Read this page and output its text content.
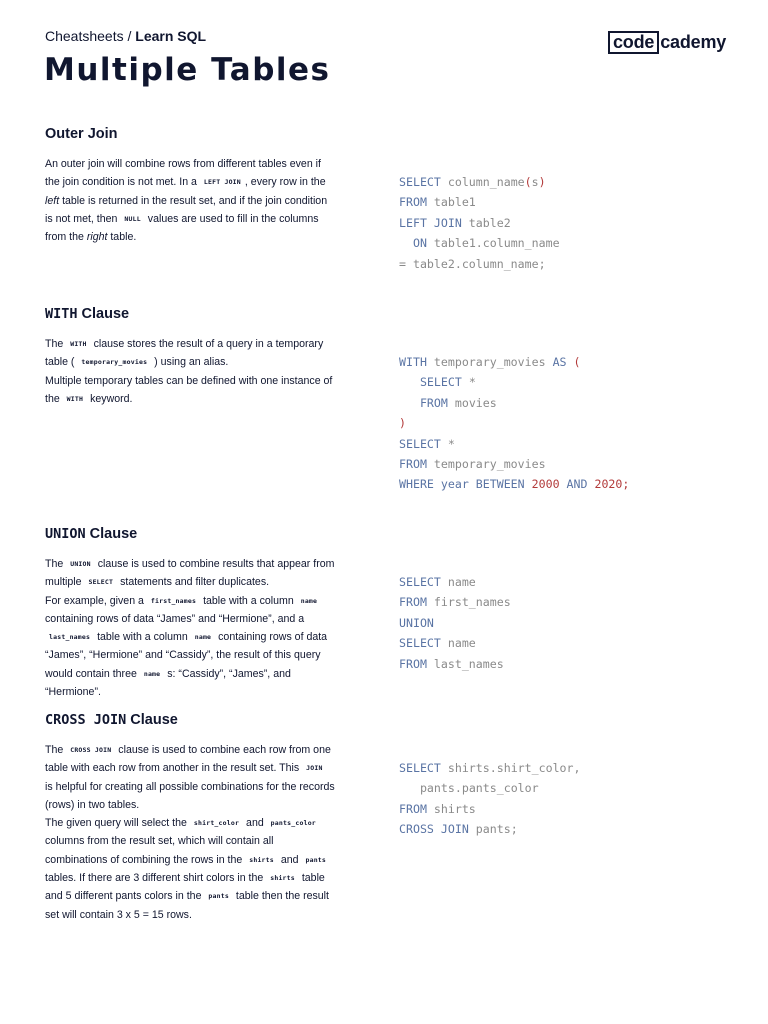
Cheatsheets / Learn SQL	code cademy
Multiple Tables
Outer Join

An outer join will combine rows from different tables even if the join condition is not met. In a LEFT JOIN , every row in the left table is returned in the result set, and if the join condition is not met, then NULL values are used to fill in the columns from the right table.

SELECT column_name(s)
FROM table1
LEFT JOIN table2
ON table1.column_name
= table2.column_name;
WITH Clause

The WITH clause stores the result of a query in a temporary table ( temporary_movies ) using an alias.

Multiple temporary tables can be defined with one instance of the WITH keyword.

WITH temporary_movies AS (
SELECT *
FROM movies
)
SELECT *
FROM temporary_movies
WHERE year BETWEEN 2000 AND 2020;
UNION Clause

The UNION clause is used to combine results that appear from multiple SELECT statements and filter duplicates.

For example, given a first_names table with a column name containing rows of data “James” and “Hermione”, and a last_names table with a column name containing rows of data “James”, “Hermione” and “Cassidy”, the result of this query would contain three name s: “Cassidy”, “James”, and “Hermione”.

SELECT name
FROM first_names
UNION
SELECT name
FROM last_names
CROSS JOIN Clause

The CROSS JOIN clause is used to combine each row from one table with each row from another in the result set. This JOIN is helpful for creating all possible combinations for the records (rows) in two tables.

The given query will select the shirt_color and pants_color columns from the result set, which will contain all combinations of combining the rows in the shirts and pants tables. If there are 3 different shirt colors in the shirts table and 5 different pants colors in the pants table then the result set will contain 3 x 5 = 15 rows.

SELECT shirts.shirt_color,
pants.pants_color
FROM shirts
CROSS JOIN pants;
